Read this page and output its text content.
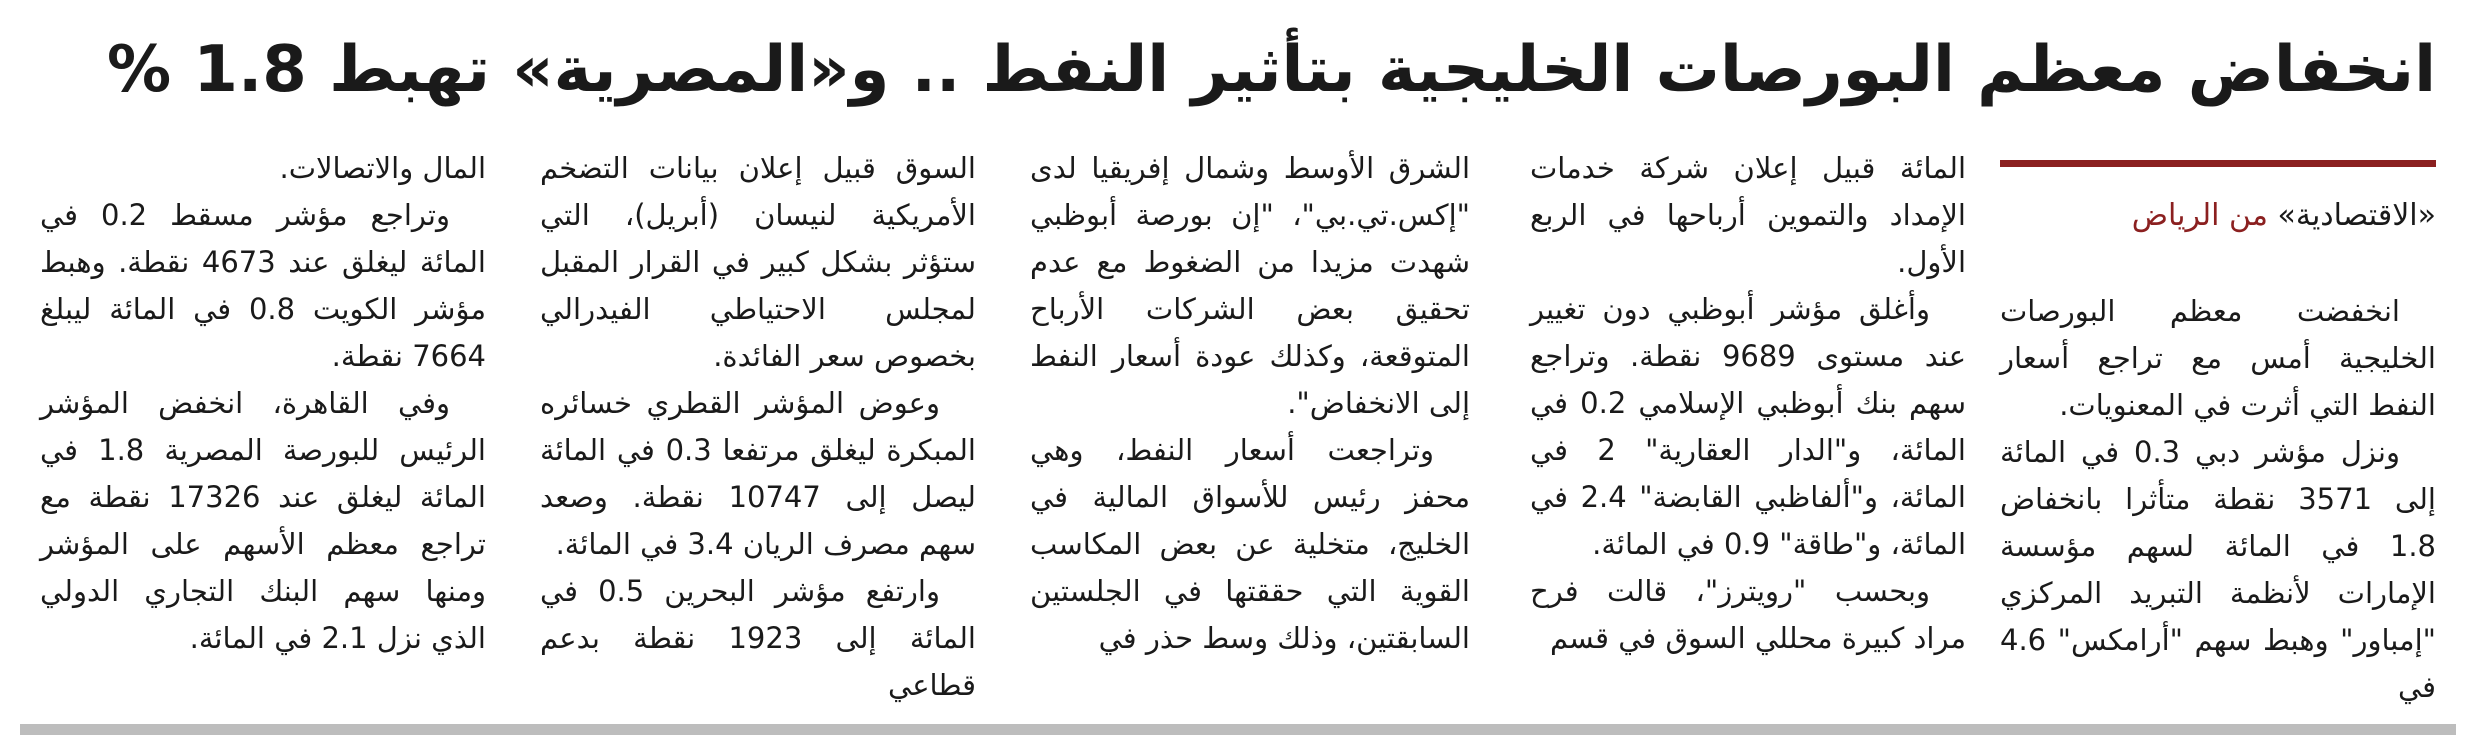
انخفاض معظم البورصات الخليجية بتأثير النفط .. و«المصرية» تهبط 1.8 %
«الاقتصادية» من الرياض

انخفضت معظم البورصات الخليجية أمس مع تراجع أسعار النفط التي أثرت في المعنويات.

ونزل مؤشر دبي 0.3 في المائة إلى 3571 نقطة متأثرا بانخفاض 1.8 في المائة لسهم مؤسسة الإمارات لأنظمة التبريد المركزي "إمباور" وهبط سهم "أرامكس" 4.6 في

المائة قبيل إعلان شركة خدمات الإمداد والتموين أرباحها في الربع الأول.

وأغلق مؤشر أبوظبي دون تغيير عند مستوى 9689 نقطة. وتراجع سهم بنك أبوظبي الإسلامي 0.2 في المائة، و"الدار العقارية" 2 في المائة، و"ألفاظبي القابضة" 2.4 في المائة، و"طاقة" 0.9 في المائة.

وبحسب "رويترز"، قالت فرح مراد كبيرة محللي السوق في قسم

الشرق الأوسط وشمال إفريقيا لدى "إكس.تي.بي"، "إن بورصة أبوظبي شهدت مزيدا من الضغوط مع عدم تحقيق بعض الشركات الأرباح المتوقعة، وكذلك عودة أسعار النفط إلى الانخفاض".

وتراجعت أسعار النفط، وهي محفز رئيس للأسواق المالية في الخليج، متخلية عن بعض المكاسب القوية التي حققتها في الجلستين السابقتين، وذلك وسط حذر في

السوق قبيل إعلان بيانات التضخم الأمريكية لنيسان (أبريل)، التي ستؤثر بشكل كبير في القرار المقبل لمجلس الاحتياطي الفيدرالي بخصوص سعر الفائدة.

وعوض المؤشر القطري خسائره المبكرة ليغلق مرتفعا 0.3 في المائة ليصل إلى 10747 نقطة. وصعد سهم مصرف الريان 3.4 في المائة.

وارتفع مؤشر البحرين 0.5 في المائة إلى 1923 نقطة بدعم قطاعي

المال والاتصالات.

وتراجع مؤشر مسقط 0.2 في المائة ليغلق عند 4673 نقطة. وهبط مؤشر الكويت 0.8 في المائة ليبلغ 7664 نقطة.

وفي القاهرة، انخفض المؤشر الرئيس للبورصة المصرية 1.8 في المائة ليغلق عند 17326 نقطة مع تراجع معظم الأسهم على المؤشر ومنها سهم البنك التجاري الدولي الذي نزل 2.1 في المائة.
